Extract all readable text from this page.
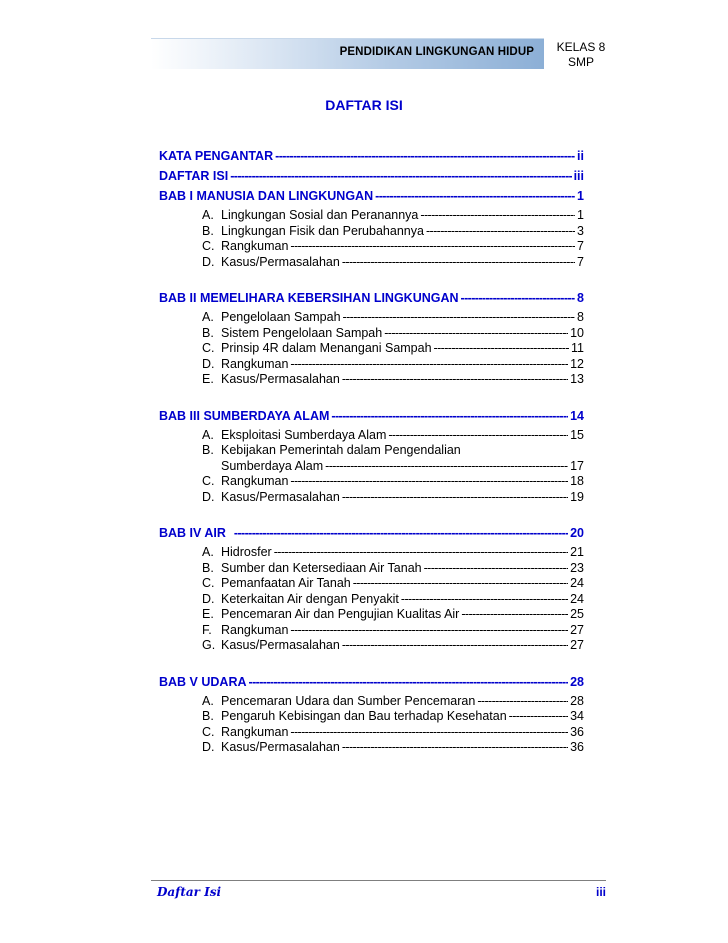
PENDIDIKAN LINGKUNGAN HIDUP	KELAS 8
SMP
DAFTAR ISI
KATA PENGANTAR -----	ii
DAFTAR ISI -----	iii
BAB I MANUSIA DAN LINGKUNGAN -----	1
A. Lingkungan Sosial dan Peranannya -----	1
B. Lingkungan Fisik dan Perubahannya -----	3
C. Rangkuman -----	7
D. Kasus/Permasalahan -----	7
BAB II MEMELIHARA KEBERSIHAN LINGKUNGAN -----	8
A. Pengelolaan Sampah -----	8
B. Sistem Pengelolaan Sampah -----	10
C. Prinsip 4R dalam Menangani Sampah -----	11
D. Rangkuman -----	12
E. Kasus/Permasalahan -----	13
BAB III SUMBERDAYA ALAM -----	14
A. Eksploitasi Sumberdaya Alam -----	15
B. Kebijakan Pemerintah dalam Pengendalian
Sumberdaya Alam -----	17
C. Rangkuman -----	18
D. Kasus/Permasalahan -----	19
BAB IV AIR -----	20
A. Hidrosfer -----	21
B. Sumber dan Ketersediaan Air Tanah -----	23
C. Pemanfaatan Air Tanah -----	24
D. Keterkaitan Air dengan Penyakit -----	24
E. Pencemaran Air dan Pengujian Kualitas Air -----	25
F. Rangkuman -----	27
G. Kasus/Permasalahan -----	27
BAB V UDARA -----	28
A. Pencemaran Udara dan Sumber Pencemaran -----	28
B. Pengaruh Kebisingan dan Bau terhadap Kesehatan -----	34
C. Rangkuman -----	36
D. Kasus/Permasalahan -----	36
Daftar Isi	iii
